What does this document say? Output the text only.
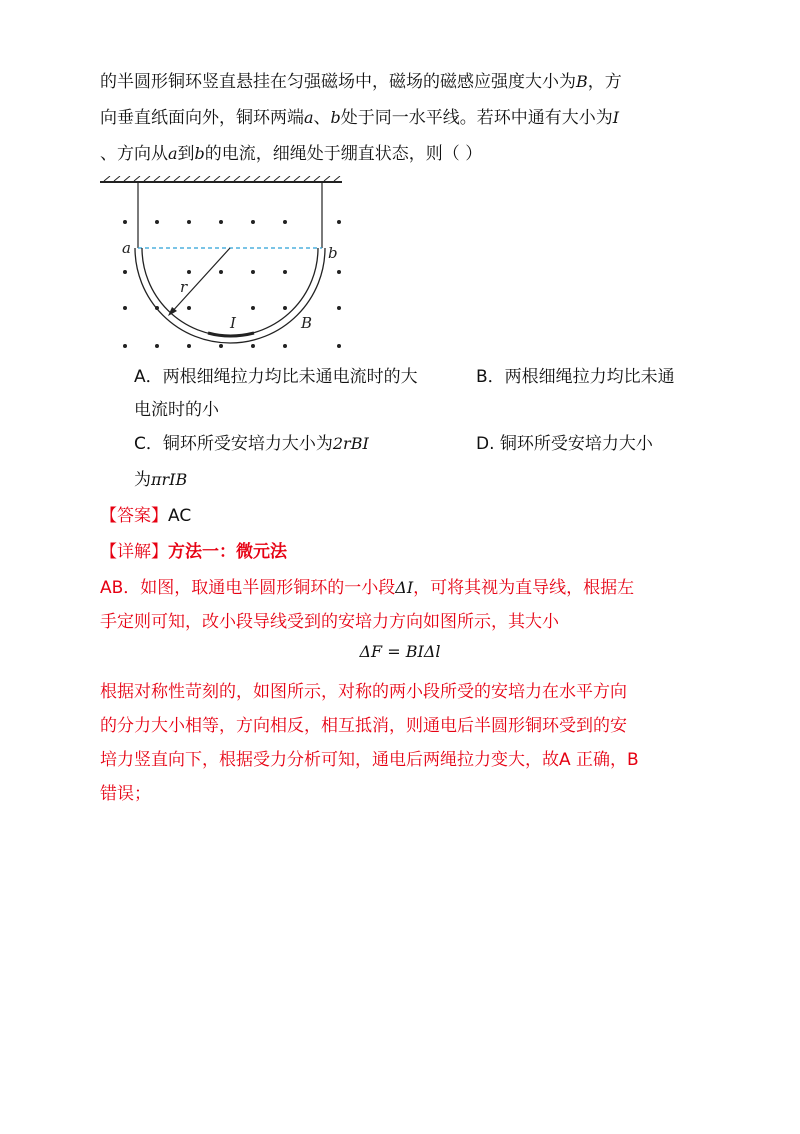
的半圆形铜环竖直悬挂在匀强磁场中，磁场的磁感应强度大小为B，方
向垂直纸面向外，铜环两端a、b处于同一水平线。若环中通有大小为I
、方向从a到b的电流，细绳处于绷直状态，则（ ）
a	b
r
I	B
A．两根细绳拉力均比未通电流时的大	B．两根细绳拉力均比未通
电流时的小
C．铜环所受安培力大小为2rBI	D. 铜环所受安培力大小
为πrIB
【答案】AC
【详解】方法一：微元法
AB．如图，取通电半圆形铜环的一小段ΔI，可将其视为直导线，根据左
手定则可知，改小段导线受到的安培力方向如图所示，其大小
ΔF = BIΔl
根据对称性苛刻的，如图所示，对称的两小段所受的安培力在水平方向
的分力大小相等，方向相反，相互抵消，则通电后半圆形铜环受到的安
培力竖直向下，根据受力分析可知，通电后两绳拉力变大，故A 正确，B
错误；
